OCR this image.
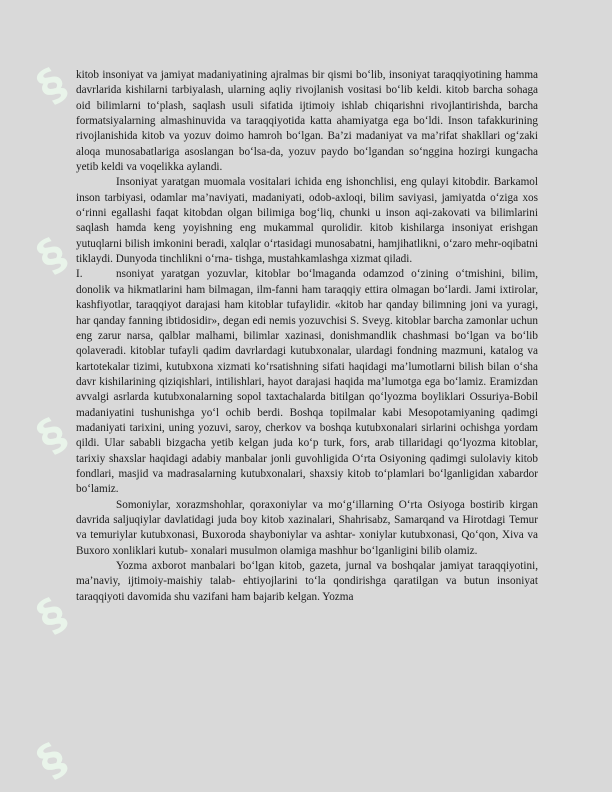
§
§
§
§
§

kitob insoniyat va jamiyat madaniyatining ajralmas bir qismi bo‘lib, insoniyat taraqqiyotining hamma davrlarida kishilarni tarbiyalash, ularning aqliy rivojlanish vositasi bo‘lib keldi. kitob barcha sohaga oid bilimlarni to‘plash, saqlash usuli sifatida ijtimoiy ishlab chiqarishni rivojlantirishda, barcha formatsiyalarning almashinuvida va taraqqiyotida katta ahamiyatga ega bo‘ldi. Inson tafakkurining rivojlanishida kitob va yozuv doimo hamroh bo‘lgan. Ba’zi madaniyat va ma’rifat shakllari og‘zaki aloqa munosabatlariga asoslangan bo‘lsa-da, yozuv paydo bo‘lgandan so‘nggina hozirgi kungacha yetib keldi va voqelikka aylandi.

Insoniyat yaratgan muomala vositalari ichida eng ishonchlisi, eng qulayi kitobdir. Barkamol inson tarbiyasi, odamlar ma’naviyati, madaniyati, odob-axloqi, bilim saviyasi, jamiyatda o‘ziga xos o‘rinni egallashi faqat kitobdan olgan bilimiga bog‘liq, chunki u inson aqi-zakovati va bilimlarini saqlash hamda keng yoyishning eng mukammal qurolidir. kitob kishilarga insoniyat erishgan yutuqlarni bilish imkonini beradi, xalqlar o‘rtasidagi munosabatni, hamjihatlikni, o‘zaro mehr-oqibatni tiklaydi. Dunyoda tinchlikni o‘rna- tishga, mustahkamlashga xizmat qiladi.

I.	nsoniyat yaratgan yozuvlar, kitoblar bo‘lmaganda odamzod o‘zining o‘tmishini, bilim, donolik va hikmatlarini ham bilmagan, ilm-fanni ham taraqqiy ettira olmagan bo‘lardi. Jami ixtirolar, kashfiyotlar, taraqqiyot darajasi ham kitoblar tufaylidir. «kitob har qanday bilimning joni va yuragi, har qanday fanning ibtidosidir», degan edi nemis yozuvchisi S. Sveyg. kitoblar barcha zamonlar uchun eng zarur narsa, qalblar malhami, bilimlar xazinasi, donishmandlik chashmasi bo‘lgan va bo‘lib qolaveradi. kitoblar tufayli qadim davrlardagi kutubxonalar, ulardagi fondning mazmuni, katalog va kartotekalar tizimi, kutubxona xizmati ko‘rsatishning sifati haqidagi ma’lumotlarni bilish bilan o‘sha davr kishilarining qiziqishlari, intilishlari, hayot darajasi haqida ma’lumotga ega bo‘lamiz. Eramizdan avvalgi asrlarda kutubxonalarning sopol taxtachalarda bitilgan qo‘lyozma boyliklari Ossuriya-Bobil madaniyatini tushunishga yo‘l ochib berdi. Boshqa topilmalar kabi Mesopotamiyaning qadimgi madaniyati tarixini, uning yozuvi, saroy, cherkov va boshqa kutubxonalari sirlarini ochishga yordam qildi. Ular sababli bizgacha yetib kelgan juda ko‘p turk, fors, arab tillaridagi qo‘lyozma kitoblar, tarixiy shaxslar haqidagi adabiy manbalar jonli guvohligida O‘rta Osiyoning qadimgi sulolaviy kitob fondlari, masjid va madrasalarning kutubxonalari, shaxsiy kitob to‘plamlari bo‘lganligidan xabardor bo‘lamiz.

Somoniylar, xorazmshohlar, qoraxoniylar va mo‘g‘illarning O‘rta Osiyoga bostirib kirgan davrida saljuqiylar davlatidagi juda boy kitob xazinalari, Shahrisabz, Samarqand va Hirotdagi Temur va temuriylar kutubxonasi, Buxoroda shayboniylar va ashtar- xoniylar kutubxonasi, Qo‘qon, Xiva va Buxoro xonliklari kutub- xonalari musulmon olamiga mashhur bo‘lganligini bilib olamiz.

Yozma axborot manbalari bo‘lgan kitob, gazeta, jurnal va boshqalar jamiyat taraqqiyotini, ma’naviy, ijtimoiy-maishiy talab- ehtiyojlarini to‘la qondirishga qaratilgan va butun insoniyat taraqqiyoti davomida shu vazifani ham bajarib kelgan. Yozma
